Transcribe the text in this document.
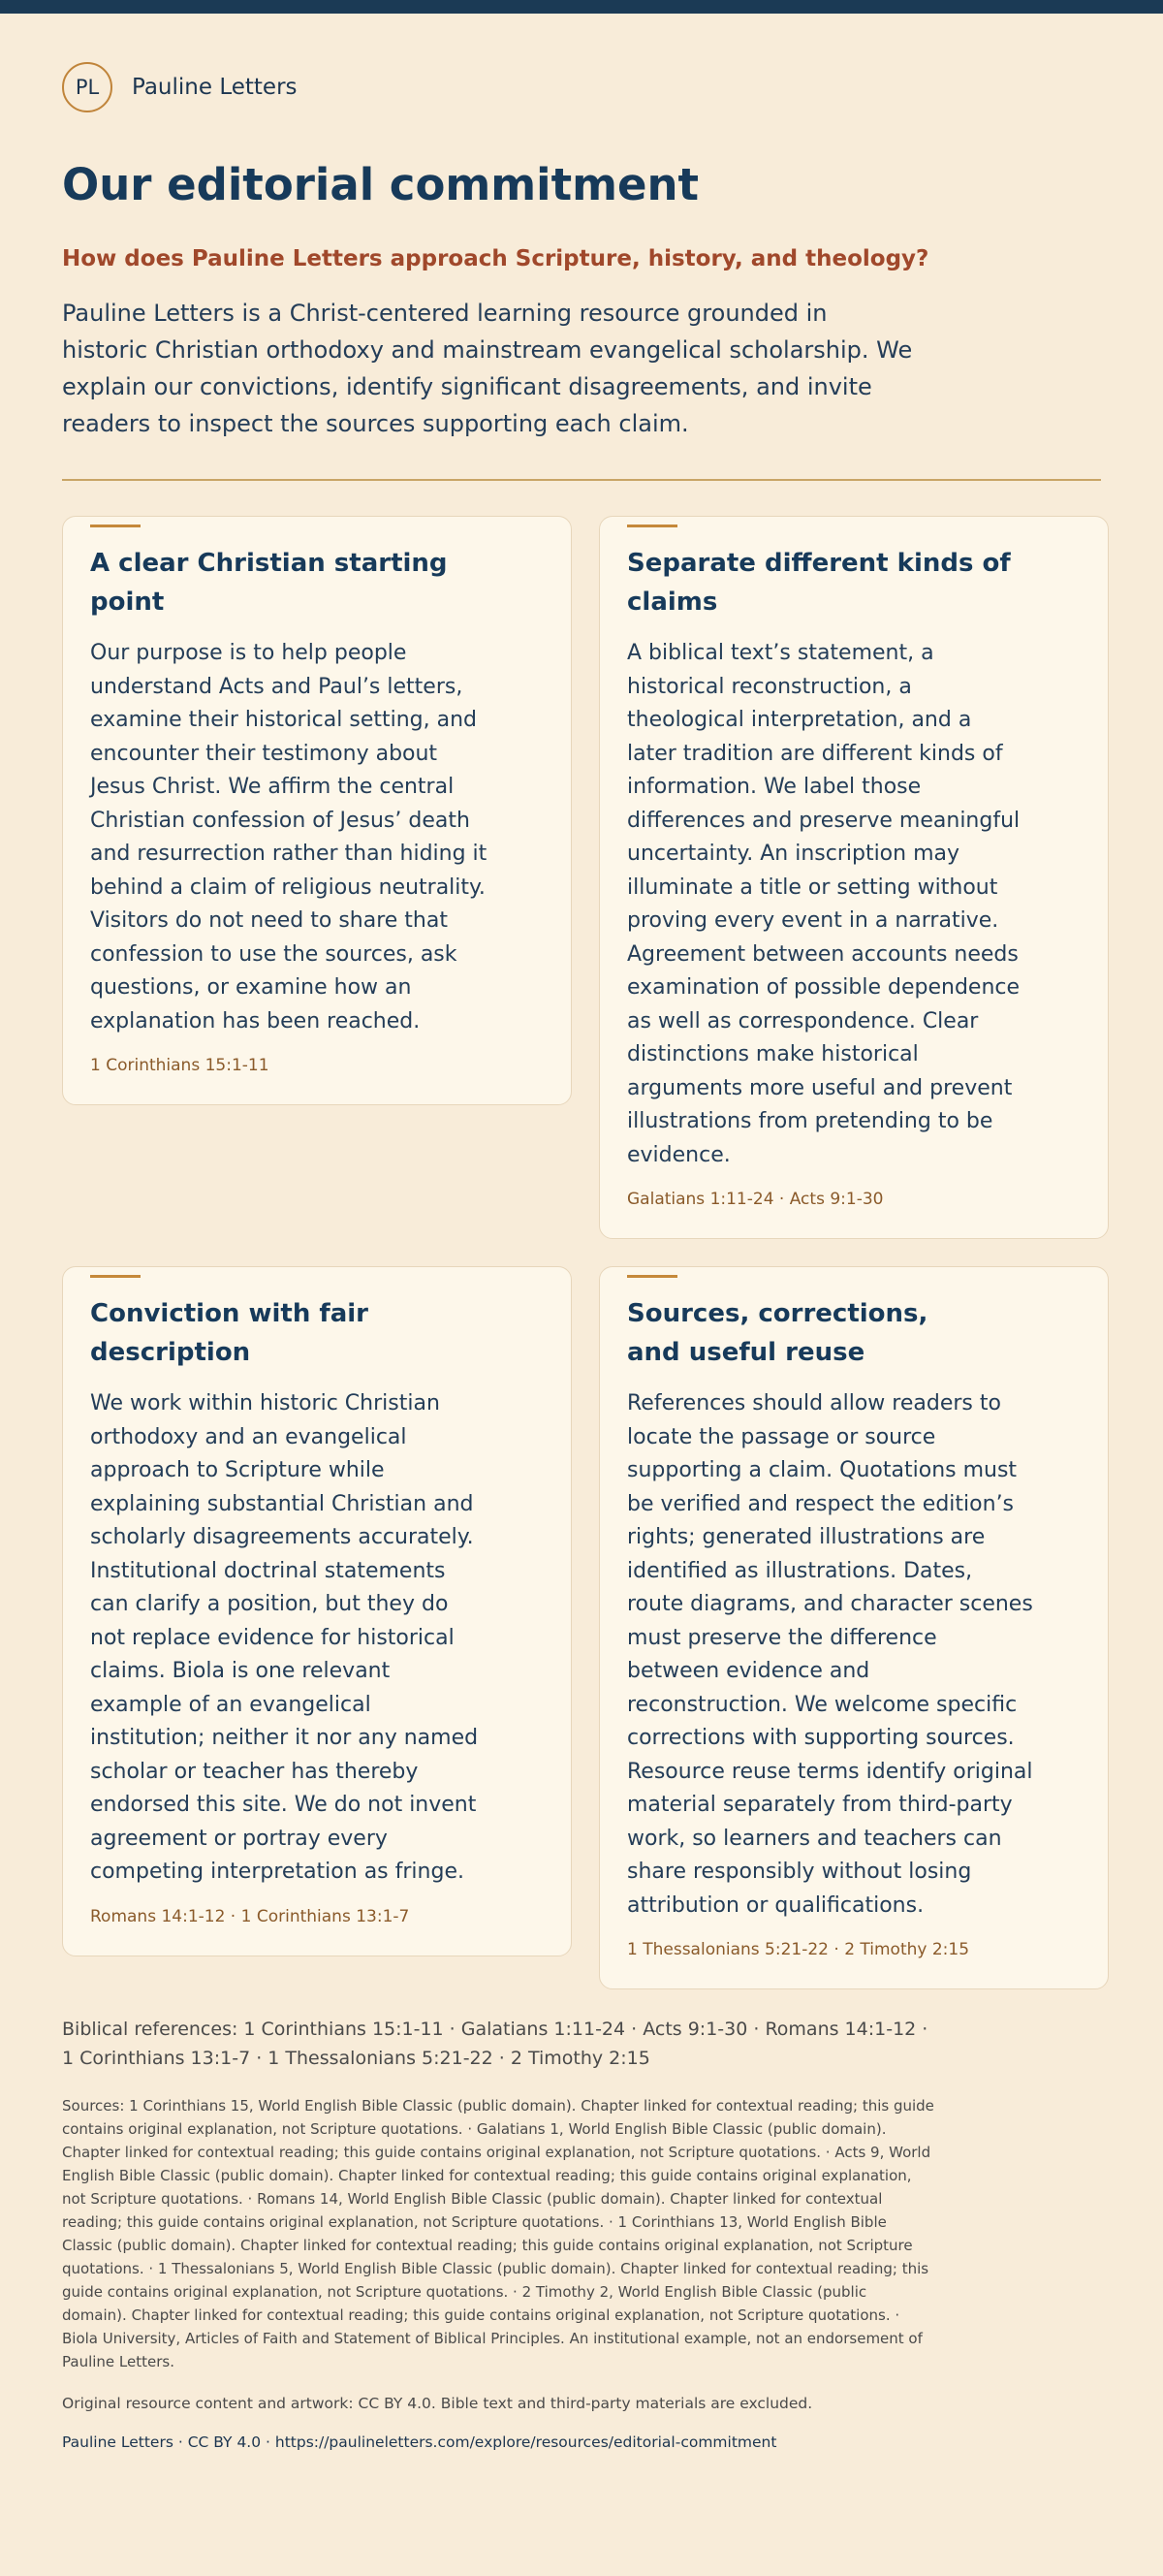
PL	Pauline Letters
Our editorial commitment
How does Pauline Letters approach Scripture, history, and theology?

Pauline Letters is a Christ-centered learning resource grounded in historic Christian orthodoxy and mainstream evangelical scholarship. We explain our convictions, identify significant disagreements, and invite readers to inspect the sources supporting each claim.

A clear Christian starting point

Our purpose is to help people understand Acts and Paul’s letters, examine their historical setting, and encounter their testimony about Jesus Christ. We affirm the central Christian confession of Jesus’ death and resurrection rather than hiding it behind a claim of religious neutrality. Visitors do not need to share that confession to use the sources, ask questions, or examine how an explanation has been reached.

1 Corinthians 15:1-11
Separate different kinds of claims

A biblical text’s statement, a historical reconstruction, a theological interpretation, and a later tradition are different kinds of information. We label those differences and preserve meaningful uncertainty. An inscription may illuminate a title or setting without proving every event in a narrative. Agreement between accounts needs examination of possible dependence as well as correspondence. Clear distinctions make historical arguments more useful and prevent illustrations from pretending to be evidence.

Galatians 1:11-24 · Acts 9:1-30
Conviction with fair description

We work within historic Christian orthodoxy and an evangelical approach to Scripture while explaining substantial Christian and scholarly disagreements accurately. Institutional doctrinal statements can clarify a position, but they do not replace evidence for historical claims. Biola is one relevant example of an evangelical institution; neither it nor any named scholar or teacher has thereby endorsed this site. We do not invent agreement or portray every competing interpretation as fringe.

Romans 14:1-12 · 1 Corinthians 13:1-7
Sources, corrections, and useful reuse

References should allow readers to locate the passage or source supporting a claim. Quotations must be verified and respect the edition’s rights; generated illustrations are identified as illustrations. Dates, route diagrams, and character scenes must preserve the difference between evidence and reconstruction. We welcome specific corrections with supporting sources. Resource reuse terms identify original material separately from third-party work, so learners and teachers can share responsibly without losing attribution or qualifications.

1 Thessalonians 5:21-22 · 2 Timothy 2:15

Biblical references: 1 Corinthians 15:1-11 · Galatians 1:11-24 · Acts 9:1-30 · Romans 14:1-12 · 1 Corinthians 13:1-7 · 1 Thessalonians 5:21-22 · 2 Timothy 2:15

Sources: 1 Corinthians 15, World English Bible Classic (public domain). Chapter linked for contextual reading; this guide contains original explanation, not Scripture quotations. · Galatians 1, World English Bible Classic (public domain). Chapter linked for contextual reading; this guide contains original explanation, not Scripture quotations. · Acts 9, World English Bible Classic (public domain). Chapter linked for contextual reading; this guide contains original explanation, not Scripture quotations. · Romans 14, World English Bible Classic (public domain). Chapter linked for contextual reading; this guide contains original explanation, not Scripture quotations. · 1 Corinthians 13, World English Bible Classic (public domain). Chapter linked for contextual reading; this guide contains original explanation, not Scripture quotations. · 1 Thessalonians 5, World English Bible Classic (public domain). Chapter linked for contextual reading; this guide contains original explanation, not Scripture quotations. · 2 Timothy 2, World English Bible Classic (public domain). Chapter linked for contextual reading; this guide contains original explanation, not Scripture quotations. · Biola University, Articles of Faith and Statement of Biblical Principles. An institutional example, not an endorsement of Pauline Letters.

Original resource content and artwork: CC BY 4.0. Bible text and third-party materials are excluded.

Pauline Letters · CC BY 4.0 · https://paulineletters.com/explore/resources/editorial-commitment
